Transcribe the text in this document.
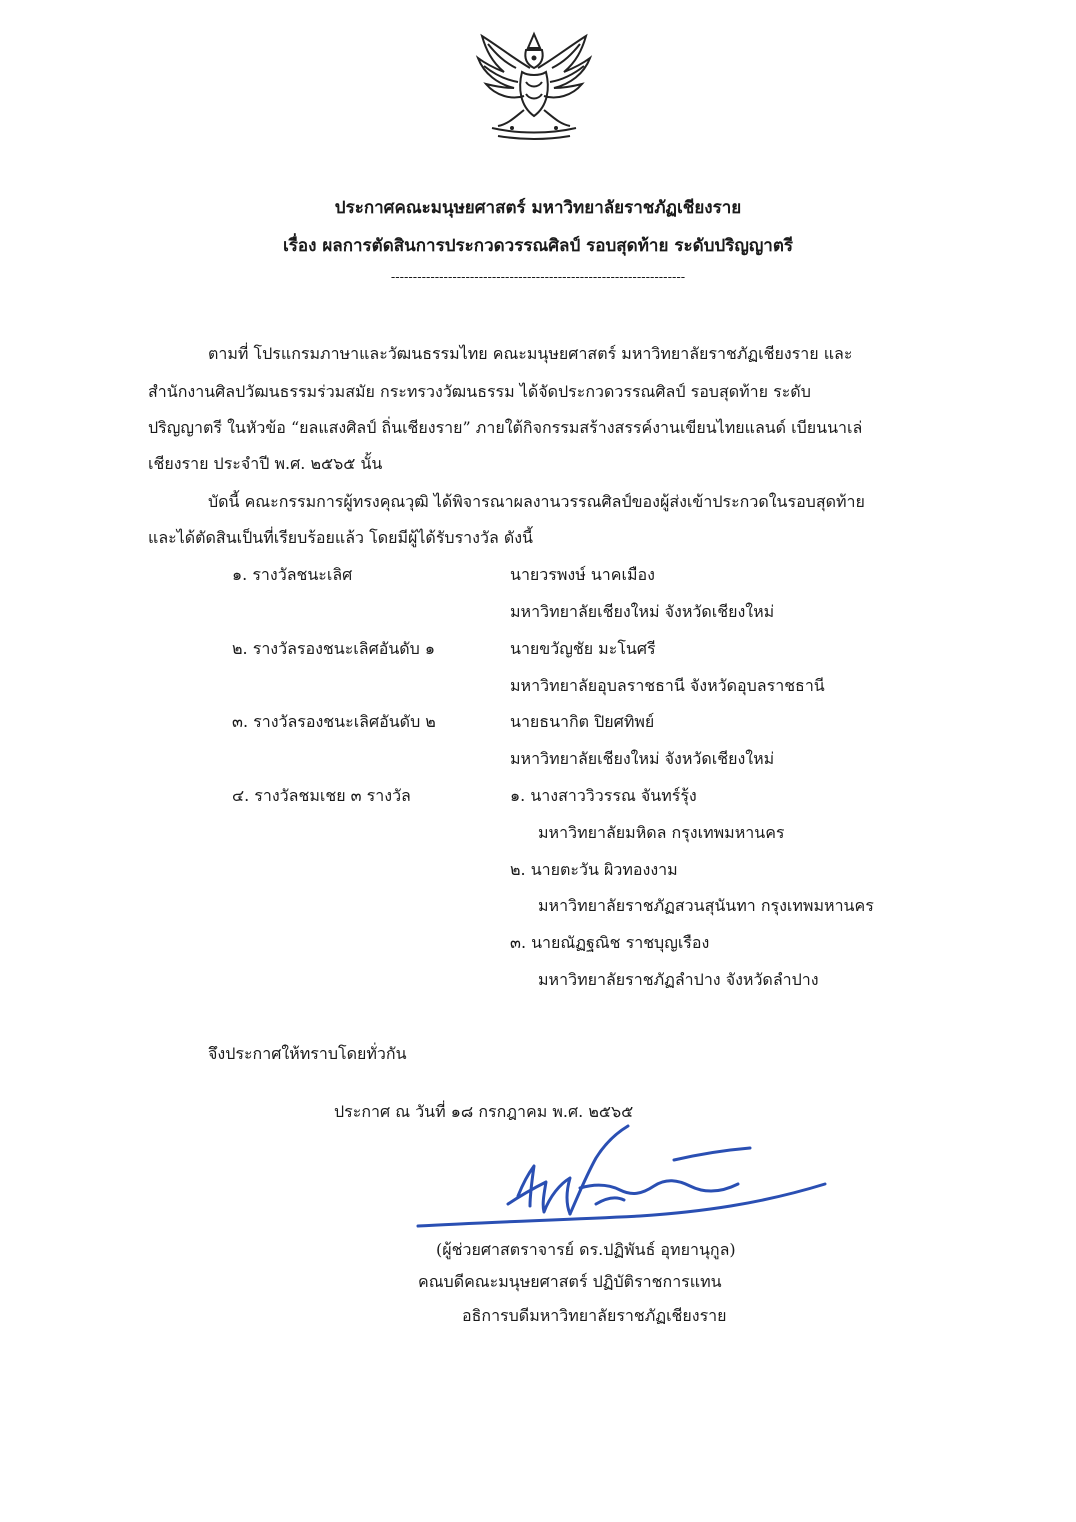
ประกาศคณะมนุษยศาสตร์ มหาวิทยาลัยราชภัฏเชียงราย
เรื่อง ผลการตัดสินการประกวดวรรณศิลป์ รอบสุดท้าย ระดับปริญญาตรี
-------------------------------------------------------------------
ตามที่ โปรแกรมภาษาและวัฒนธรรมไทย คณะมนุษยศาสตร์ มหาวิทยาลัยราชภัฏเชียงราย และ
สำนักงานศิลปวัฒนธรรมร่วมสมัย กระทรวงวัฒนธรรม ได้จัดประกวดวรรณศิลป์ รอบสุดท้าย ระดับ
ปริญญาตรี ในหัวข้อ “ยลแสงศิลป์ ถิ่นเชียงราย” ภายใต้กิจกรรมสร้างสรรค์งานเขียนไทยแลนด์ เบียนนาเล่
เชียงราย ประจำปี พ.ศ. ๒๕๖๕ นั้น
บัดนี้ คณะกรรมการผู้ทรงคุณวุฒิ ได้พิจารณาผลงานวรรณศิลป์ของผู้ส่งเข้าประกวดในรอบสุดท้าย
และได้ตัดสินเป็นที่เรียบร้อยแล้ว โดยมีผู้ได้รับรางวัล ดังนี้
๑. รางวัลชนะเลิศ	นายวรพงษ์ นาคเมือง
มหาวิทยาลัยเชียงใหม่ จังหวัดเชียงใหม่
๒. รางวัลรองชนะเลิศอันดับ ๑	นายขวัญชัย มะโนศรี
มหาวิทยาลัยอุบลราชธานี จังหวัดอุบลราชธานี
๓. รางวัลรองชนะเลิศอันดับ ๒	นายธนากิต ปิยศทิพย์
มหาวิทยาลัยเชียงใหม่ จังหวัดเชียงใหม่
๔. รางวัลชมเชย ๓ รางวัล	๑. นางสาววิวรรณ จันทร์รุ้ง
มหาวิทยาลัยมหิดล กรุงเทพมหานคร
๒. นายตะวัน ผิวทองงาม
มหาวิทยาลัยราชภัฏสวนสุนันทา กรุงเทพมหานคร
๓. นายณัฏฐณิช ราชบุญเรือง
มหาวิทยาลัยราชภัฏลำปาง จังหวัดลำปาง
จึงประกาศให้ทราบโดยทั่วกัน
ประกาศ ณ วันที่ ๑๘ กรกฎาคม พ.ศ. ๒๕๖๕
(ผู้ช่วยศาสตราจารย์ ดร.ปฏิพันธ์ อุทยานุกูล)
คณบดีคณะมนุษยศาสตร์ ปฏิบัติราชการแทน
อธิการบดีมหาวิทยาลัยราชภัฏเชียงราย
